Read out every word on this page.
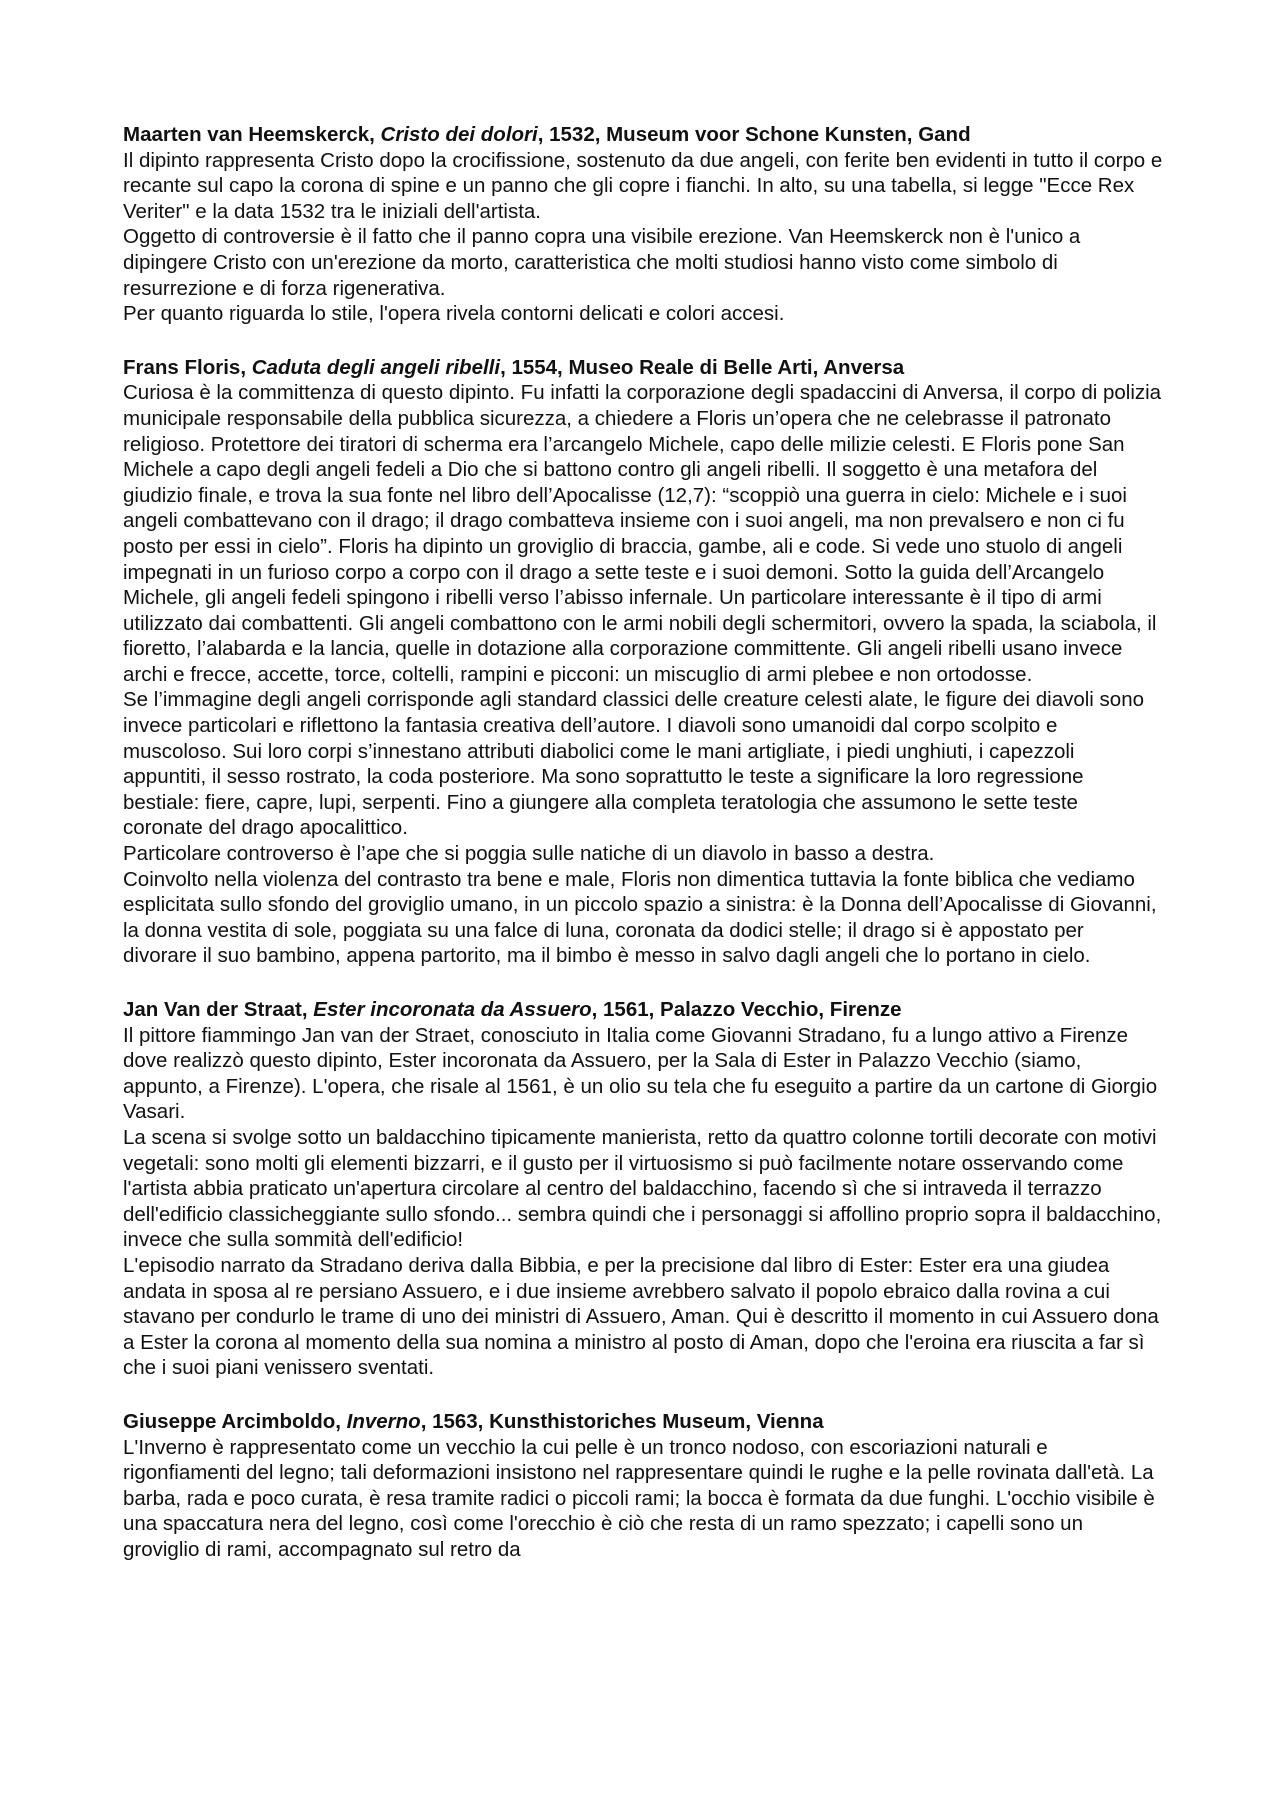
Maarten van Heemskerck, Cristo dei dolori, 1532, Museum voor Schone Kunsten, Gand

Il dipinto rappresenta Cristo dopo la crocifissione, sostenuto da due angeli, con ferite ben evidenti in tutto il corpo e recante sul capo la corona di spine e un panno che gli copre i fianchi. In alto, su una tabella, si legge "Ecce Rex Veriter" e la data 1532 tra le iniziali dell'artista.

Oggetto di controversie è il fatto che il panno copra una visibile erezione. Van Heemskerck non è l'unico a dipingere Cristo con un'erezione da morto, caratteristica che molti studiosi hanno visto come simbolo di resurrezione e di forza rigenerativa.

Per quanto riguarda lo stile, l'opera rivela contorni delicati e colori accesi.

Frans Floris, Caduta degli angeli ribelli, 1554, Museo Reale di Belle Arti, Anversa

Curiosa è la committenza di questo dipinto. Fu infatti la corporazione degli spadaccini di Anversa, il corpo di polizia municipale responsabile della pubblica sicurezza, a chiedere a Floris un’opera che ne celebrasse il patronato religioso. Protettore dei tiratori di scherma era l’arcangelo Michele, capo delle milizie celesti. E Floris pone San Michele a capo degli angeli fedeli a Dio che si battono contro gli angeli ribelli. Il soggetto è una metafora del giudizio finale, e trova la sua fonte nel libro dell’Apocalisse (12,7): “scoppiò una guerra in cielo: Michele e i suoi angeli combattevano con il drago; il drago combatteva insieme con i suoi angeli, ma non prevalsero e non ci fu posto per essi in cielo”. Floris ha dipinto un groviglio di braccia, gambe, ali e code. Si vede uno stuolo di angeli impegnati in un furioso corpo a corpo con il drago a sette teste e i suoi demoni. Sotto la guida dell’Arcangelo Michele, gli angeli fedeli spingono i ribelli verso l’abisso infernale. Un particolare interessante è il tipo di armi utilizzato dai combattenti. Gli angeli combattono con le armi nobili degli schermitori, ovvero la spada, la sciabola, il fioretto, l’alabarda e la lancia, quelle in dotazione alla corporazione committente. Gli angeli ribelli usano invece archi e frecce, accette, torce, coltelli, rampini e picconi: un miscuglio di armi plebee e non ortodosse.

Se l’immagine degli angeli corrisponde agli standard classici delle creature celesti alate, le figure dei diavoli sono invece particolari e riflettono la fantasia creativa dell’autore. I diavoli sono umanoidi dal corpo scolpito e muscoloso. Sui loro corpi s’innestano attributi diabolici come le mani artigliate, i piedi unghiuti, i capezzoli appuntiti, il sesso rostrato, la coda posteriore. Ma sono soprattutto le teste a significare la loro regressione bestiale: fiere, capre, lupi, serpenti. Fino a giungere alla completa teratologia che assumono le sette teste coronate del drago apocalittico.

Particolare controverso è l’ape che si poggia sulle natiche di un diavolo in basso a destra.

Coinvolto nella violenza del contrasto tra bene e male, Floris non dimentica tuttavia la fonte biblica che vediamo esplicitata sullo sfondo del groviglio umano, in un piccolo spazio a sinistra: è la Donna dell’Apocalisse di Giovanni, la donna vestita di sole, poggiata su una falce di luna, coronata da dodici stelle; il drago si è appostato per divorare il suo bambino, appena partorito, ma il bimbo è messo in salvo dagli angeli che lo portano in cielo.

Jan Van der Straat, Ester incoronata da Assuero, 1561, Palazzo Vecchio, Firenze

Il pittore fiammingo Jan van der Straet, conosciuto in Italia come Giovanni Stradano, fu a lungo attivo a Firenze dove realizzò questo dipinto, Ester incoronata da Assuero, per la Sala di Ester in Palazzo Vecchio (siamo, appunto, a Firenze). L'opera, che risale al 1561, è un olio su tela che fu eseguito a partire da un cartone di Giorgio Vasari.

La scena si svolge sotto un baldacchino tipicamente manierista, retto da quattro colonne tortili decorate con motivi vegetali: sono molti gli elementi bizzarri, e il gusto per il virtuosismo si può facilmente notare osservando come l'artista abbia praticato un'apertura circolare al centro del baldacchino, facendo sì che si intraveda il terrazzo dell'edificio classicheggiante sullo sfondo... sembra quindi che i personaggi si affollino proprio sopra il baldacchino, invece che sulla sommità dell'edificio!

L'episodio narrato da Stradano deriva dalla Bibbia, e per la precisione dal libro di Ester: Ester era una giudea andata in sposa al re persiano Assuero, e i due insieme avrebbero salvato il popolo ebraico dalla rovina a cui stavano per condurlo le trame di uno dei ministri di Assuero, Aman. Qui è descritto il momento in cui Assuero dona a Ester la corona al momento della sua nomina a ministro al posto di Aman, dopo che l'eroina era riuscita a far sì che i suoi piani venissero sventati.

Giuseppe Arcimboldo, Inverno, 1563, Kunsthistoriches Museum, Vienna

L'Inverno è rappresentato come un vecchio la cui pelle è un tronco nodoso, con escoriazioni naturali e rigonfiamenti del legno; tali deformazioni insistono nel rappresentare quindi le rughe e la pelle rovinata dall'età. La barba, rada e poco curata, è resa tramite radici o piccoli rami; la bocca è formata da due funghi. L'occhio visibile è una spaccatura nera del legno, così come l'orecchio è ciò che resta di un ramo spezzato; i capelli sono un groviglio di rami, accompagnato sul retro da
